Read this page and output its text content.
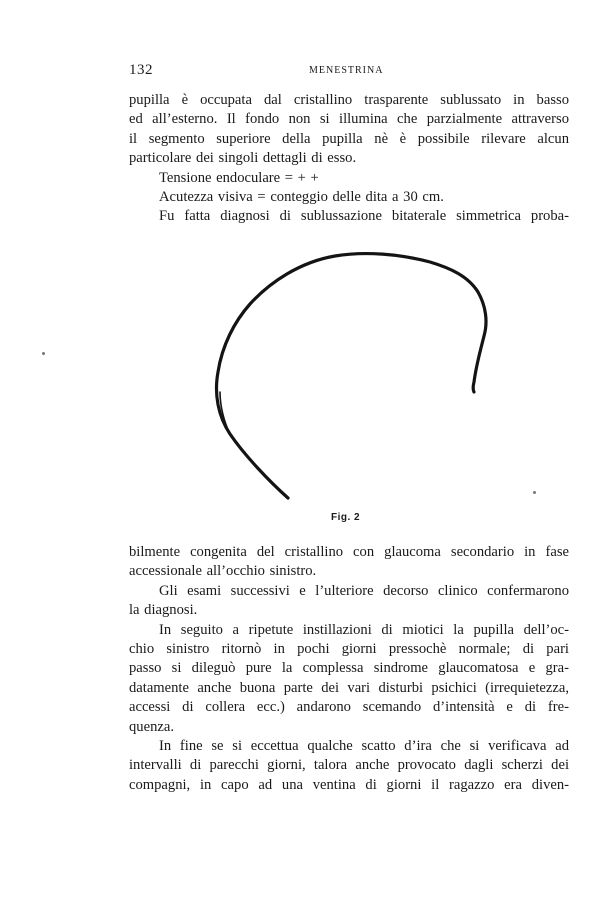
132	MENESTRINA
pupilla è occupata dal cristallino trasparente sublussato in basso
ed all’esterno. Il fondo non si illumina che parzialmente attraverso
il segmento superiore della pupilla nè è possibile rilevare alcun
particolare dei singoli dettagli di esso.
Tensione endoculare = + +
Acutezza visiva = conteggio delle dita a 30 cm.
Fu fatta diagnosi di sublussazione bitaterale simmetrica proba-
Fig. 2
bilmente congenita del cristallino con glaucoma secondario in fase
accessionale all’occhio sinistro.
Gli esami successivi e l’ulteriore decorso clinico confermarono
la diagnosi.
In seguito a ripetute instillazioni di miotici la pupilla dell’oc-
chio sinistro ritornò in pochi giorni pressochè normale; di pari
passo si dileguò pure la complessa sindrome glaucomatosa e gra-
datamente anche buona parte dei vari disturbi psichici (irrequietezza,
accessi di collera ecc.) andarono scemando d’intensità e di fre-
quenza.
In fine se si eccettua qualche scatto d’ira che si verificava ad
intervalli di parecchi giorni, talora anche provocato dagli scherzi dei
compagni, in capo ad una ventina di giorni il ragazzo era diven-
